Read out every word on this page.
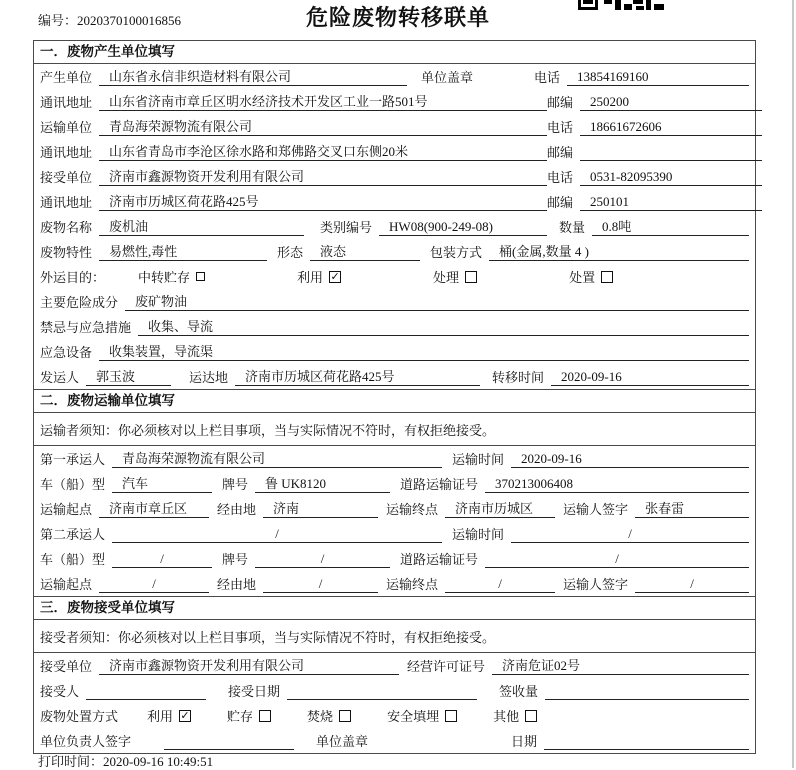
编号：2020370100016856	危险废物转移联单
一．废物产生单位填写
产生单位	山东省永信非织造材料有限公司	单位盖章	电话	13854169160
通讯地址	山东省济南市章丘区明水经济技术开发区工业一路501号	邮编	250200
运输单位	青岛海荣源物流有限公司	电话	18661672606
通讯地址	山东省青岛市李沧区徐水路和郑佛路交叉口东侧20米	邮编
接受单位	济南市鑫源物资开发利用有限公司	电话	0531-82095390
通讯地址	济南市历城区荷花路425号	邮编	250101
废物名称	废机油	类别编号	HW08(900-249-08)	数量	0.8吨
废物特性	易燃性,毒性	形态	液态	包装方式	桶(金属,数量 4 )
外运目的：	中转贮存	利用 ✓	处理	处置
主要危险成分	废矿物油
禁忌与应急措施	收集、导流
应急设备	收集装置，导流渠
发运人	郭玉波	运达地	济南市历城区荷花路425号	转移时间	2020-09-16
二．废物运输单位填写
运输者须知：你必须核对以上栏目事项，当与实际情况不符时，有权拒绝接受。
第一承运人	青岛海荣源物流有限公司	运输时间	2020-09-16
车（船）型	汽车	牌号	鲁 UK8120	道路运输证号	370213006408
运输起点	济南市章丘区	经由地	济南	运输终点	济南市历城区	运输人签字	张春雷
第二承运人	/	运输时间	/
车（船）型	/	牌号	/	道路运输证号	/
运输起点	/	经由地	/	运输终点	/	运输人签字	/
三．废物接受单位填写
接受者须知：你必须核对以上栏目事项，当与实际情况不符时，有权拒绝接受。
接受单位	济南市鑫源物资开发利用有限公司	经营许可证号	济南危证02号
接受人	接受日期	签收量
废物处置方式 利用 ✓	贮存	焚烧	安全填埋	其他
单位负责人签字	单位盖章	日期
打印时间：2020-09-16 10:49:51
